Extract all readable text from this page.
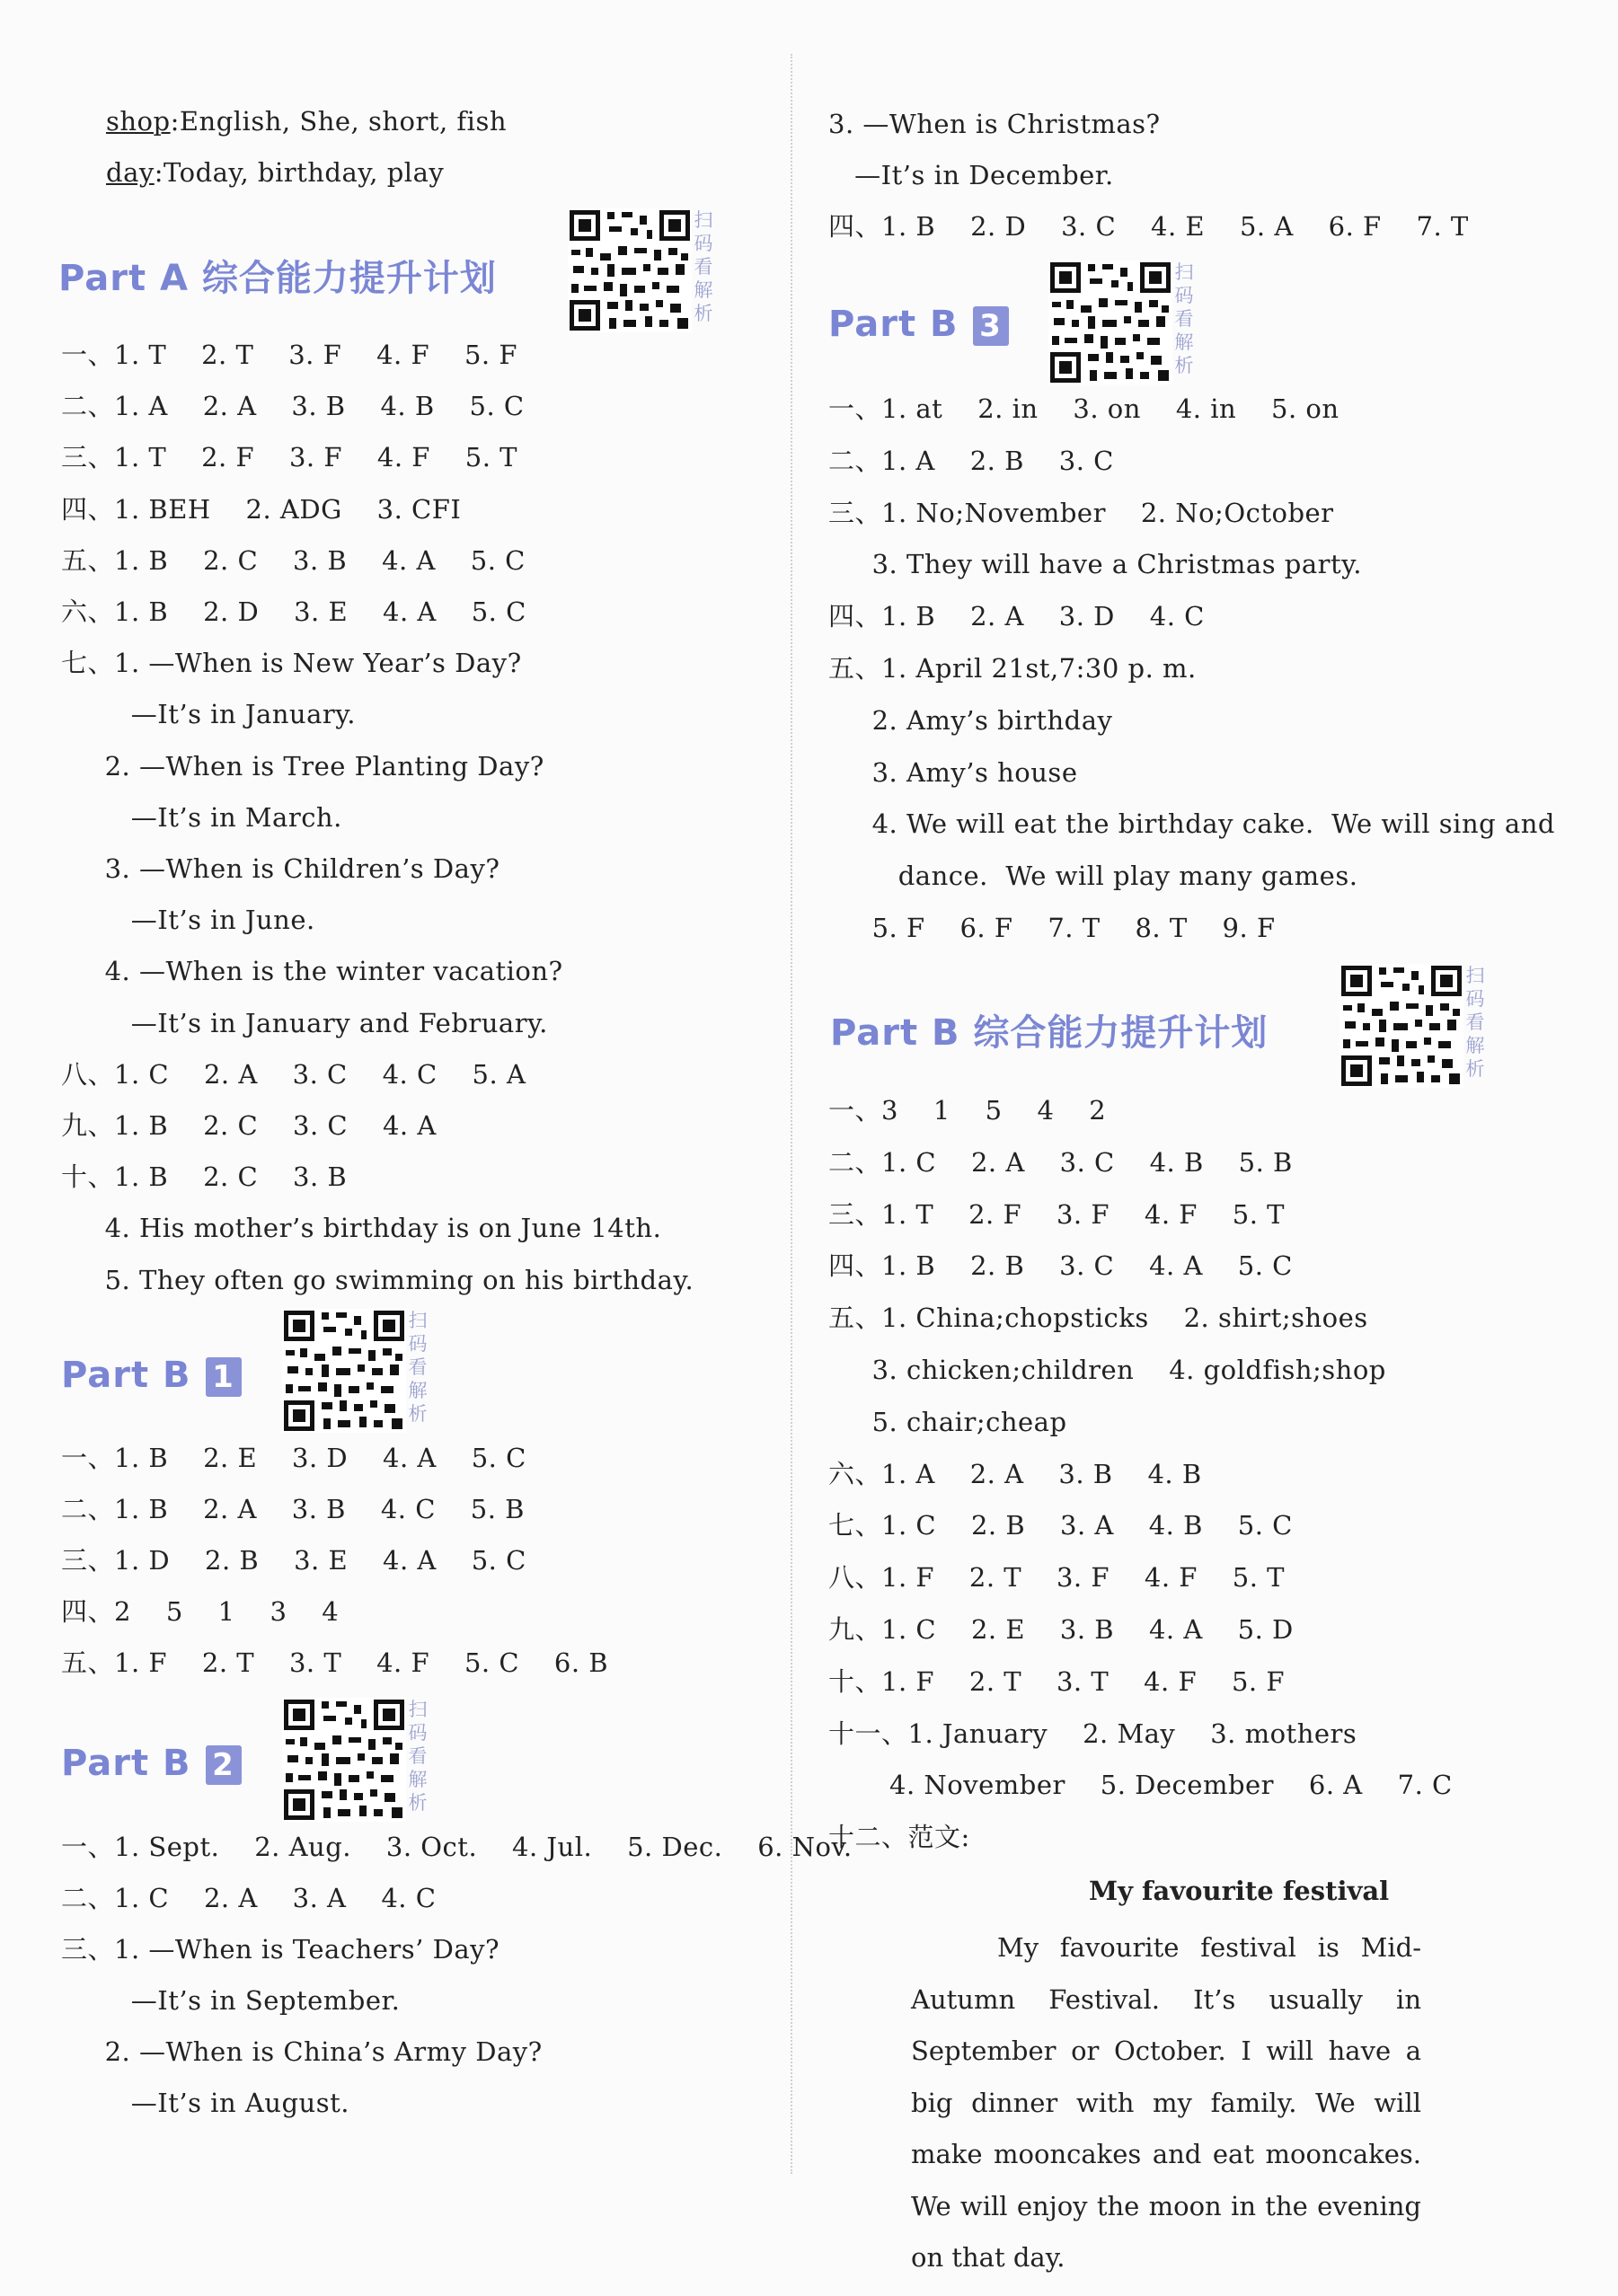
shop:English, She, short, fish
day:Today, birthday, play
Part A 综合能力提升计划
扫码看解析
一、1. T    2. T    3. F    4. F    5. F
二、1. A    2. A    3. B    4. B    5. C
三、1. T    2. F    3. F    4. F    5. T
四、1. BEH    2. ADG    3. CFI
五、1. B    2. C    3. B    4. A    5. C
六、1. B    2. D    3. E    4. A    5. C
七、1. —When is New Year’s Day?
—It’s in January.
2. —When is Tree Planting Day?
—It’s in March.
3. —When is Children’s Day?
—It’s in June.
4. —When is the winter vacation?
—It’s in January and February.
八、1. C    2. A    3. C    4. C    5. A
九、1. B    2. C    3. C    4. A
十、1. B    2. C    3. B
4. His mother’s birthday is on June 14th.
5. They often go swimming on his birthday.
Part B 1
扫码看解析
一、1. B    2. E    3. D    4. A    5. C
二、1. B    2. A    3. B    4. C    5. B
三、1. D    2. B    3. E    4. A    5. C
四、2    5    1    3    4
五、1. F    2. T    3. T    4. F    5. C    6. B
Part B 2
扫码看解析
一、1. Sept.    2. Aug.    3. Oct.    4. Jul.    5. Dec.    6. Nov.
二、1. C    2. A    3. A    4. C
三、1. —When is Teachers’ Day?
—It’s in September.
2. —When is China’s Army Day?
—It’s in August.
3. —When is Christmas?
—It’s in December.
四、1. B    2. D    3. C    4. E    5. A    6. F    7. T
Part B 3
扫码看解析
一、1. at    2. in    3. on    4. in    5. on
二、1. A    2. B    3. C
三、1. No;November    2. No;October
3. They will have a Christmas party.
四、1. B    2. A    3. D    4. C
五、1. April 21st,7:30 p. m.
2. Amy’s birthday
3. Amy’s house
4. We will eat the birthday cake.  We will sing and
dance.  We will play many games.
5. F    6. F    7. T    8. T    9. F
Part B 综合能力提升计划
扫码看解析
一、3    1    5    4    2
二、1. C    2. A    3. C    4. B    5. B
三、1. T    2. F    3. F    4. F    5. T
四、1. B    2. B    3. C    4. A    5. C
五、1. China;chopsticks    2. shirt;shoes
3. chicken;children    4. goldfish;shop
5. chair;cheap
六、1. A    2. A    3. B    4. B
七、1. C    2. B    3. A    4. B    5. C
八、1. F    2. T    3. F    4. F    5. T
九、1. C    2. E    3. B    4. A    5. D
十、1. F    2. T    3. T    4. F    5. F
十一、1. January    2. May    3. mothers
4. November    5. December    6. A    7. C
十二、范文:
My favourite festival
My favourite festival is Mid-Autumn Festival. It’s usually in September or October. I will have a big dinner with my family. We will make mooncakes and eat mooncakes. We will enjoy the moon in the evening on that day.
